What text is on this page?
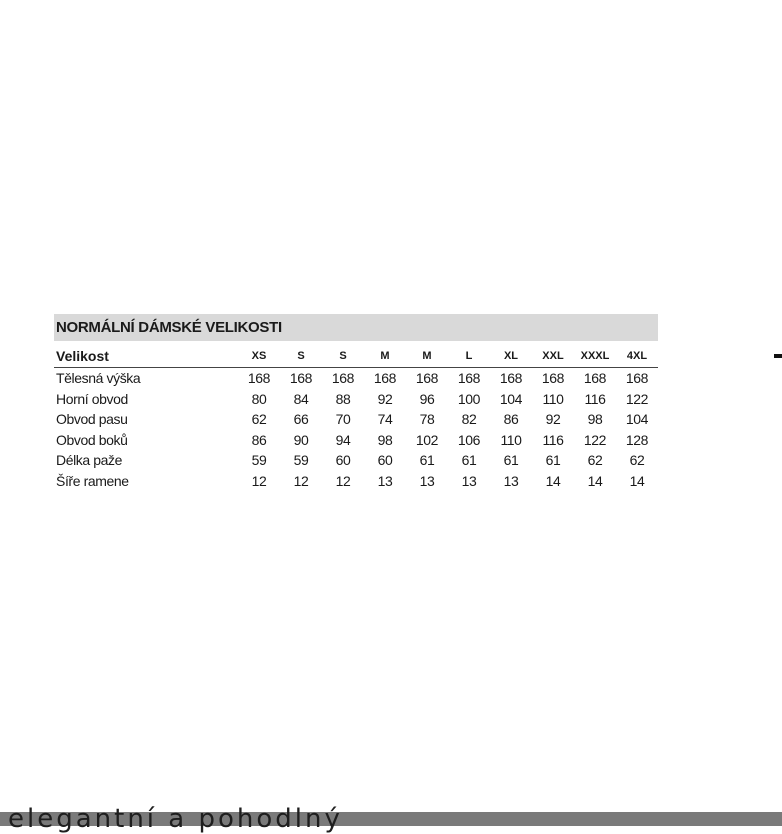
NORMÁLNÍ DÁMSKÉ VELIKOSTI
Velikost	XS	S	S	M	M	L	XL	XXL	XXXL	4XL
Tělesná výška	168	168	168	168	168	168	168	168	168	168
Horní obvod	80	84	88	92	96	100	104	110	116	122
Obvod pasu	62	66	70	74	78	82	86	92	98	104
Obvod boků	86	90	94	98	102	106	110	116	122	128
Délka paže	59	59	60	60	61	61	61	61	62	62
Šíře ramene	12	12	12	13	13	13	13	14	14	14
elegantní a pohodlný
